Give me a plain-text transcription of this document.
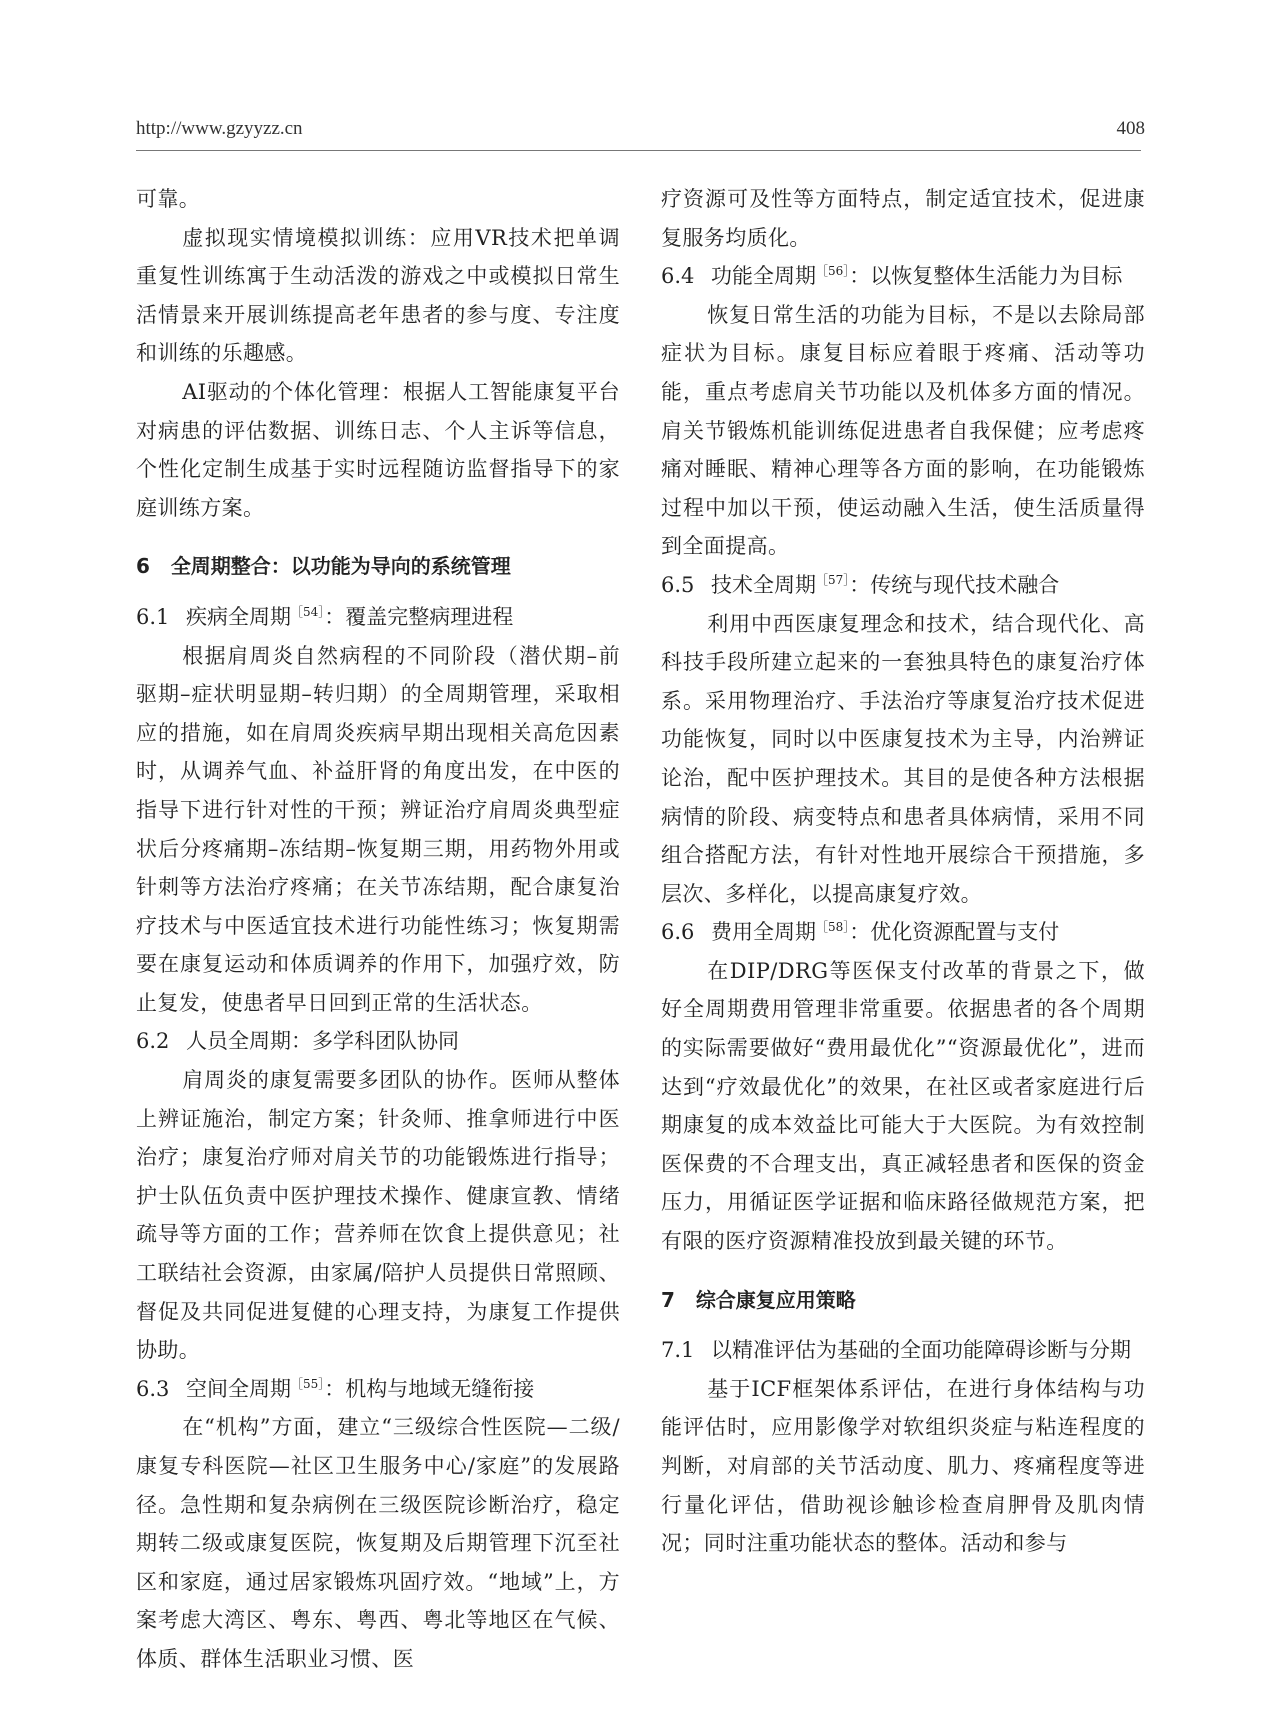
http://www.gzyyzz.cn	408

可靠。

虚拟现实情境模拟训练：应用VR技术把单调重复性训练寓于生动活泼的游戏之中或模拟日常生活情景来开展训练提高老年患者的参与度、专注度和训练的乐趣感。

AI驱动的个体化管理：根据人工智能康复平台对病患的评估数据、训练日志、个人主诉等信息，个性化定制生成基于实时远程随访监督指导下的家庭训练方案。

6 全周期整合：以功能为导向的系统管理
6.1 疾病全周期$^{[54]}$：覆盖完整病理进程

根据肩周炎自然病程的不同阶段（潜伏期–前驱期–症状明显期–转归期）的全周期管理，采取相应的措施，如在肩周炎疾病早期出现相关高危因素时，从调养气血、补益肝肾的角度出发，在中医的指导下进行针对性的干预；辨证治疗肩周炎典型症状后分疼痛期–冻结期–恢复期三期，用药物外用或针刺等方法治疗疼痛；在关节冻结期，配合康复治疗技术与中医适宜技术进行功能性练习；恢复期需要在康复运动和体质调养的作用下，加强疗效，防止复发，使患者早日回到正常的生活状态。

6.2 人员全周期：多学科团队协同

肩周炎的康复需要多团队的协作。医师从整体上辨证施治，制定方案；针灸师、推拿师进行中医治疗；康复治疗师对肩关节的功能锻炼进行指导；护士队伍负责中医护理技术操作、健康宣教、情绪疏导等方面的工作；营养师在饮食上提供意见；社工联结社会资源，由家属/陪护人员提供日常照顾、督促及共同促进复健的心理支持，为康复工作提供协助。

6.3 空间全周期$^{[55]}$：机构与地域无缝衔接

在“机构”方面，建立“三级综合性医院—二级/康复专科医院—社区卫生服务中心/家庭”的发展路径。急性期和复杂病例在三级医院诊断治疗，稳定期转二级或康复医院，恢复期及后期管理下沉至社区和家庭，通过居家锻炼巩固疗效。“地域”上，方案考虑大湾区、粤东、粤西、粤北等地区在气候、体质、群体生活职业习惯、医

疗资源可及性等方面特点，制定适宜技术，促进康复服务均质化。

6.4 功能全周期$^{[56]}$：以恢复整体生活能力为目标

恢复日常生活的功能为目标，不是以去除局部症状为目标。康复目标应着眼于疼痛、活动等功能，重点考虑肩关节功能以及机体多方面的情况。肩关节锻炼机能训练促进患者自我保健；应考虑疼痛对睡眠、精神心理等各方面的影响，在功能锻炼过程中加以干预，使运动融入生活，使生活质量得到全面提高。

6.5 技术全周期$^{[57]}$：传统与现代技术融合

利用中西医康复理念和技术，结合现代化、高科技手段所建立起来的一套独具特色的康复治疗体系。采用物理治疗、手法治疗等康复治疗技术促进功能恢复，同时以中医康复技术为主导，内治辨证论治，配中医护理技术。其目的是使各种方法根据病情的阶段、病变特点和患者具体病情，采用不同组合搭配方法，有针对性地开展综合干预措施，多层次、多样化，以提高康复疗效。

6.6 费用全周期$^{[58]}$：优化资源配置与支付

在DIP/DRG等医保支付改革的背景之下，做好全周期费用管理非常重要。依据患者的各个周期的实际需要做好“费用最优化”“资源最优化”，进而达到“疗效最优化”的效果，在社区或者家庭进行后期康复的成本效益比可能大于大医院。为有效控制医保费的不合理支出，真正减轻患者和医保的资金压力，用循证医学证据和临床路径做规范方案，把有限的医疗资源精准投放到最关键的环节。

7 综合康复应用策略
7.1 以精准评估为基础的全面功能障碍诊断与分期

基于ICF框架体系评估，在进行身体结构与功能评估时，应用影像学对软组织炎症与粘连程度的判断，对肩部的关节活动度、肌力、疼痛程度等进行量化评估，借助视诊触诊检查肩胛骨及肌肉情况；同时注重功能状态的整体。活动和参与
